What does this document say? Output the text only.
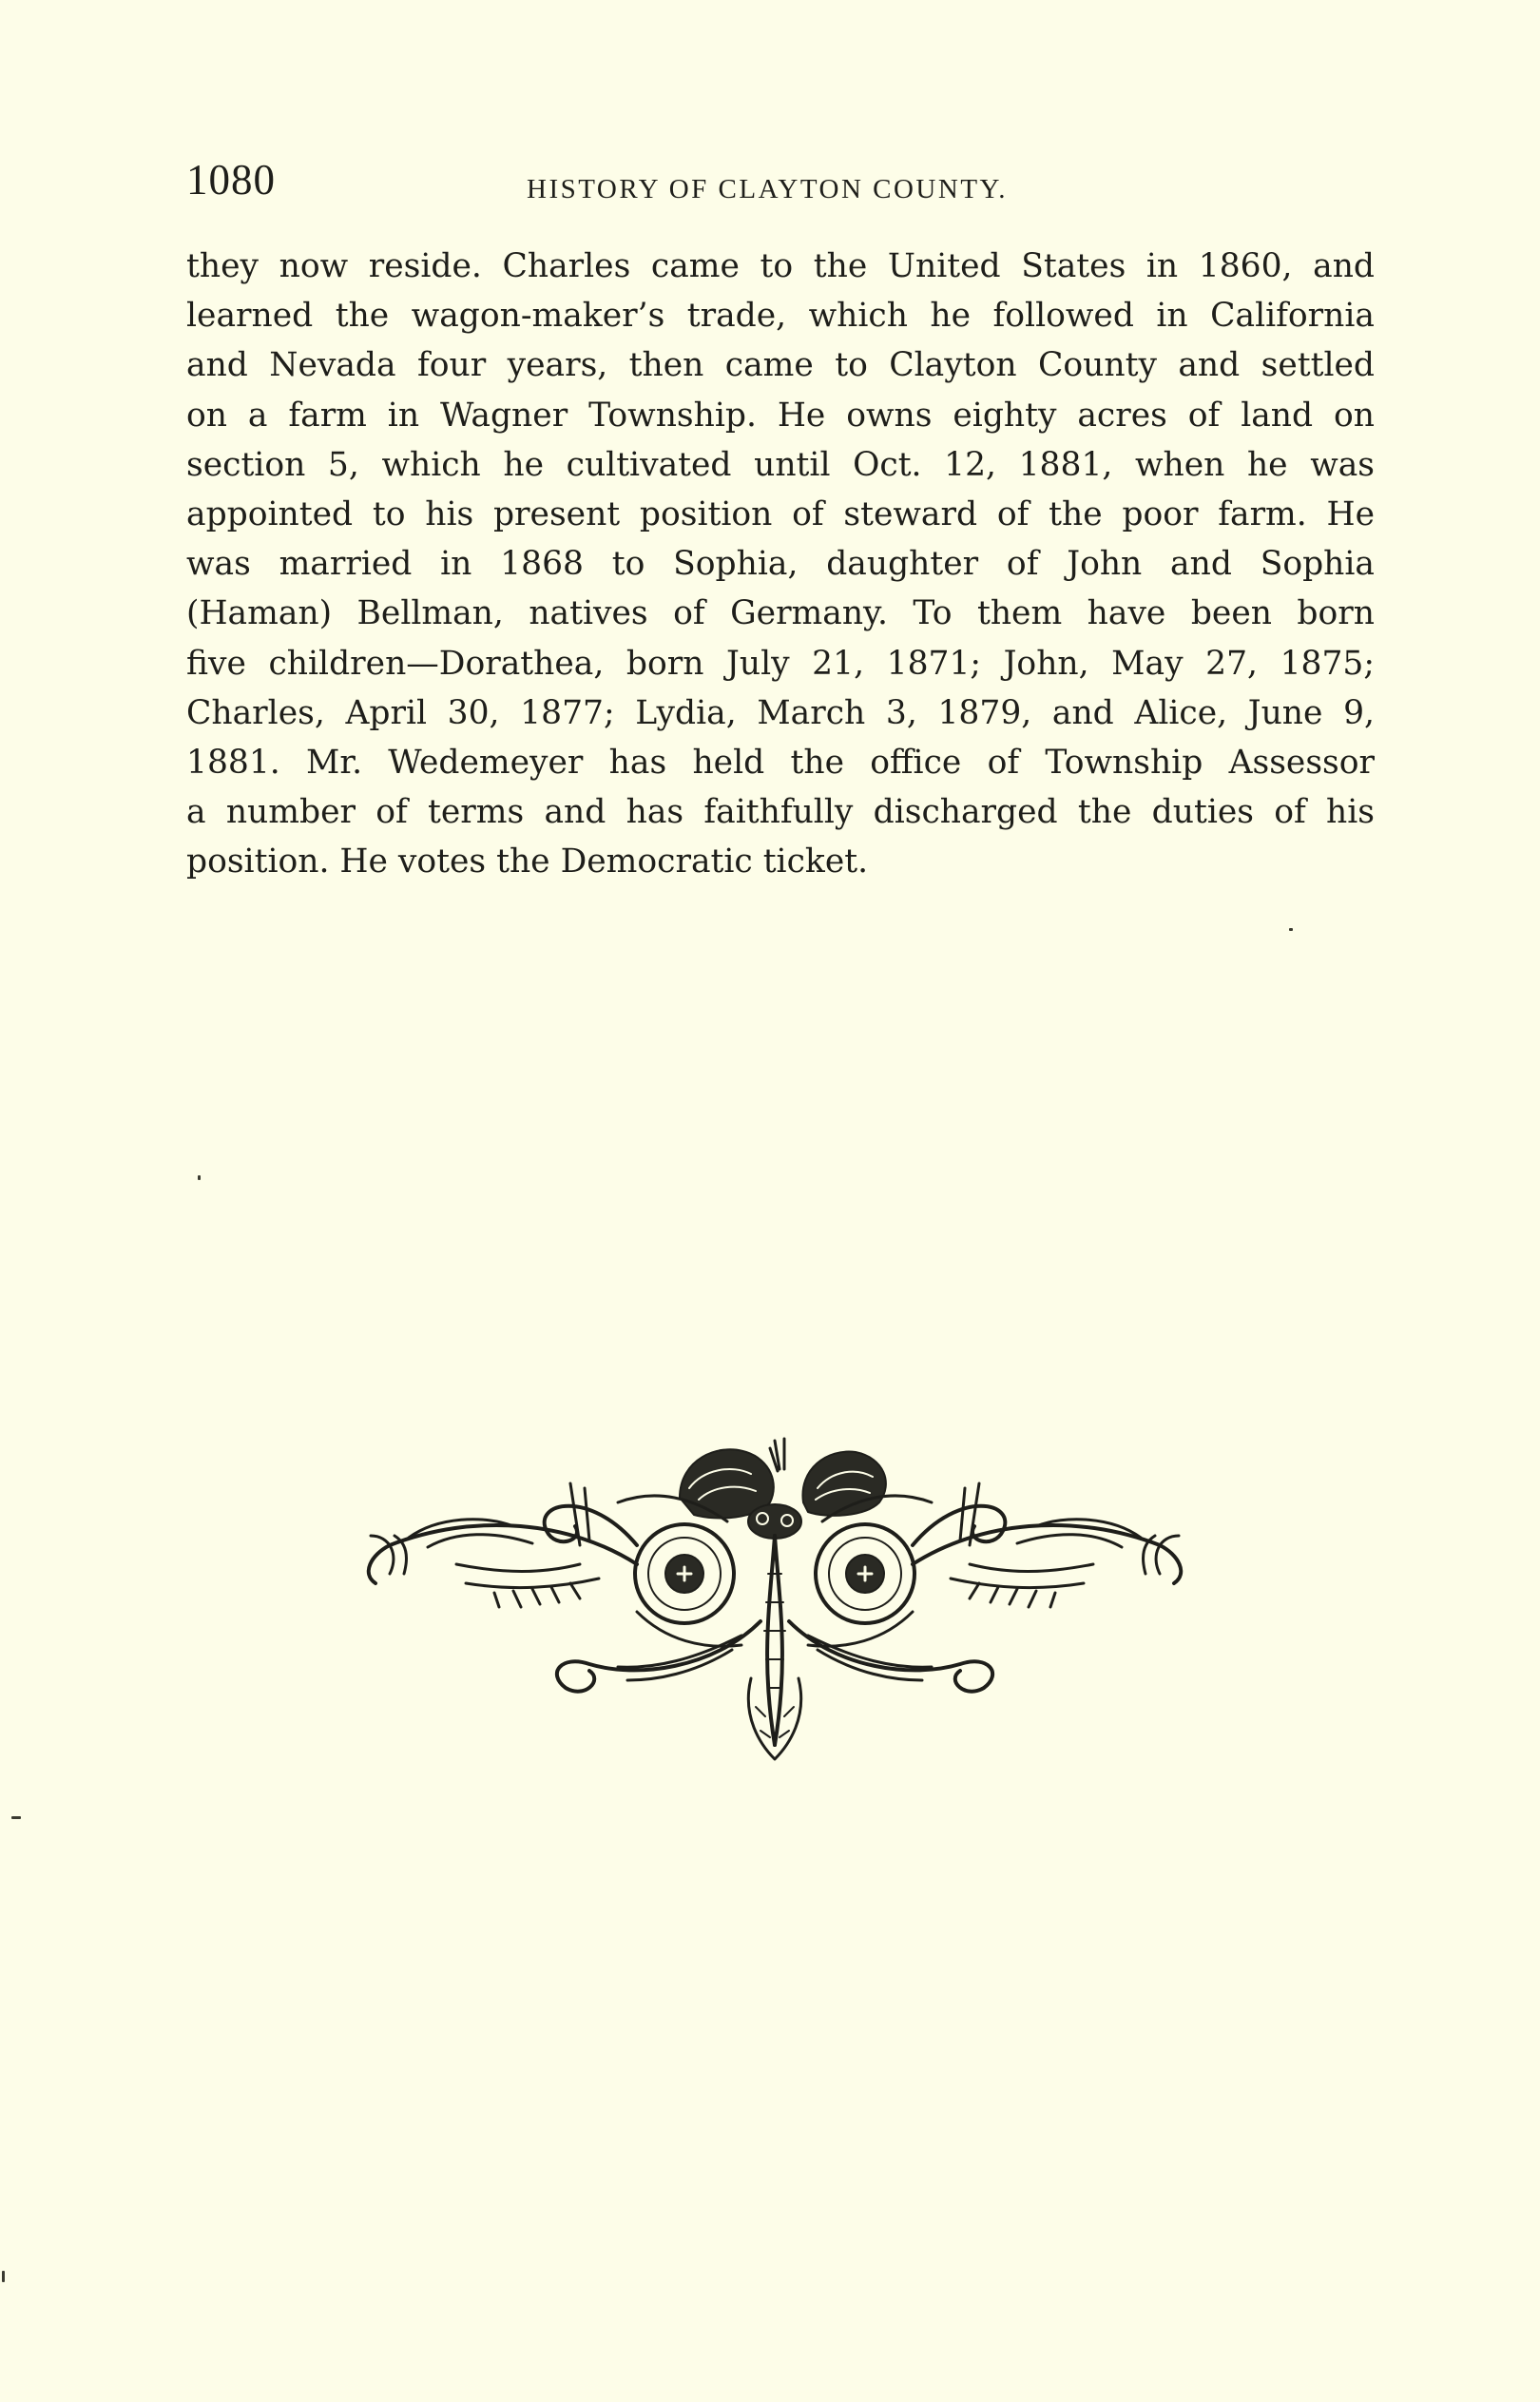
1080	HISTORY OF CLAYTON COUNTY.

they now reside. Charles came to the United States in 1860, and
learned the wagon-maker’s trade, which he followed in California
and Nevada four years, then came to Clayton County and settled
on a farm in Wagner Township. He owns eighty acres of land on
section 5, which he cultivated until Oct. 12, 1881, when he was
appointed to his present position of steward of the poor farm. He
was married in 1868 to Sophia, daughter of John and Sophia
(Haman) Bellman, natives of Germany. To them have been born
five children—Dorathea, born July 21, 1871; John, May 27, 1875;
Charles, April 30, 1877; Lydia, March 3, 1879, and Alice, June 9,
1881. Mr. Wedemeyer has held the office of Township Assessor
a number of terms and has faithfully discharged the duties of his
position. He votes the Democratic ticket.
